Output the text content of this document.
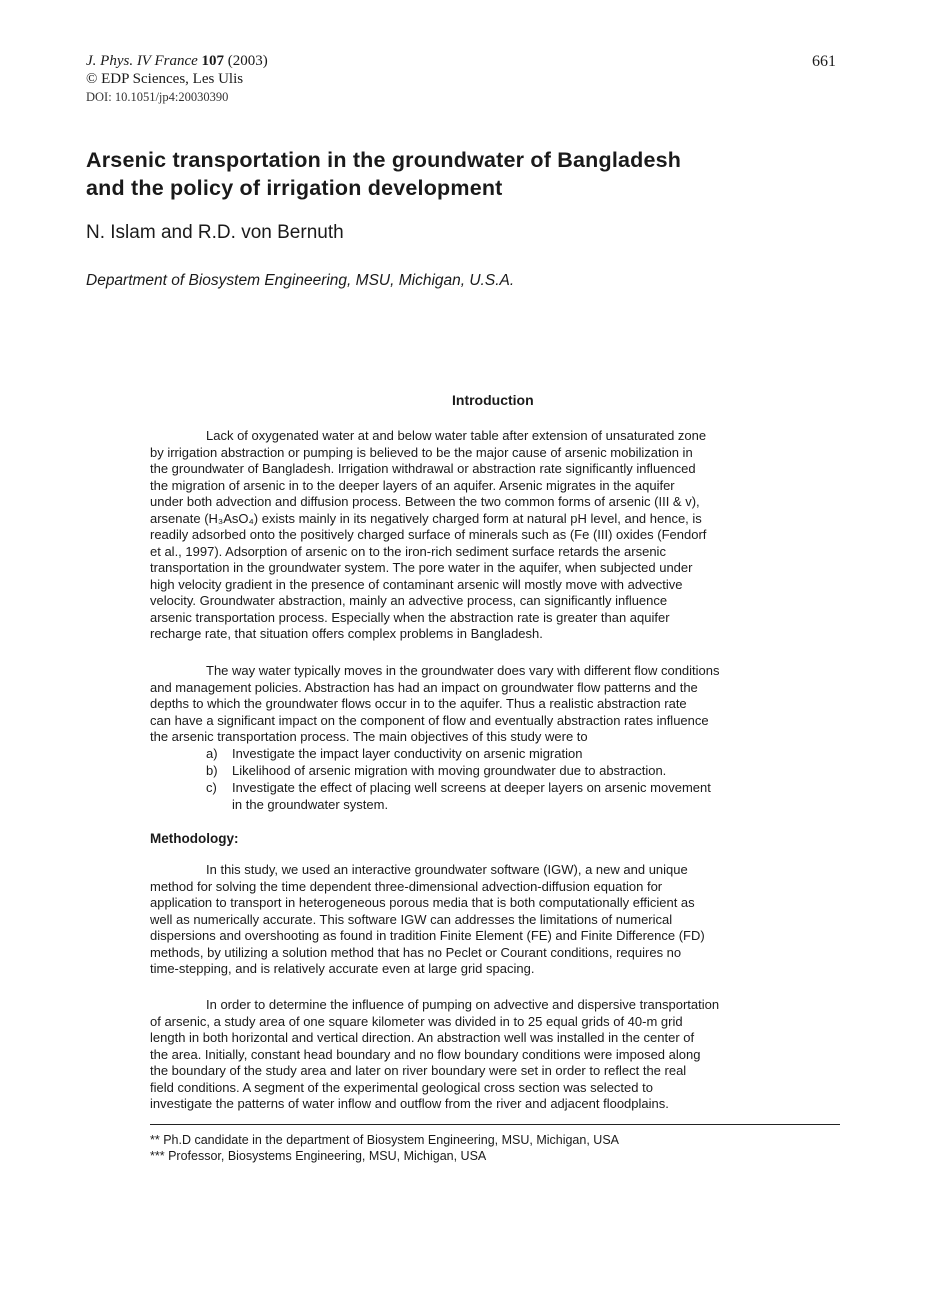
J. Phys. IV France 107 (2003)
© EDP Sciences, Les Ulis
DOI: 10.1051/jp4:20030390
661
Arsenic transportation in the groundwater of Bangladesh
and the policy of irrigation development
N. Islam and R.D. von Bernuth
Department of Biosystem Engineering, MSU, Michigan, U.S.A.
Introduction
Lack of oxygenated water at and below water table after extension of unsaturated zone
by irrigation abstraction or pumping is believed to be the major cause of arsenic mobilization in
the groundwater of Bangladesh. Irrigation withdrawal or abstraction rate significantly influenced
the migration of arsenic in to the deeper layers of an aquifer. Arsenic migrates in the aquifer
under both advection and diffusion process. Between the two common forms of arsenic (III & v),
arsenate (H₃AsO₄) exists mainly in its negatively charged form at natural pH level, and hence, is
readily adsorbed onto the positively charged surface of minerals such as (Fe (III) oxides (Fendorf
et al., 1997). Adsorption of arsenic on to the iron-rich sediment surface retards the arsenic
transportation in the groundwater system. The pore water in the aquifer, when subjected under
high velocity gradient in the presence of contaminant arsenic will mostly move with advective
velocity. Groundwater abstraction, mainly an advective process, can significantly influence
arsenic transportation process. Especially when the abstraction rate is greater than aquifer
recharge rate, that situation offers complex problems in Bangladesh.
The way water typically moves in the groundwater does vary with different flow conditions
and management policies. Abstraction has had an impact on groundwater flow patterns and the
depths to which the groundwater flows occur in to the aquifer. Thus a realistic abstraction rate
can have a significant impact on the component of flow and eventually abstraction rates influence
the arsenic transportation process. The main objectives of this study were to
a) Investigate the impact layer conductivity on arsenic migration
b) Likelihood of arsenic migration with moving groundwater due to abstraction.
c) Investigate the effect of placing well screens at deeper layers on arsenic movement
in the groundwater system.
Methodology:
In this study, we used an interactive groundwater software (IGW), a new and unique
method for solving the time dependent three-dimensional advection-diffusion equation for
application to transport in heterogeneous porous media that is both computationally efficient as
well as numerically accurate. This software IGW can addresses the limitations of numerical
dispersions and overshooting as found in tradition Finite Element (FE) and Finite Difference (FD)
methods, by utilizing a solution method that has no Peclet or Courant conditions, requires no
time-stepping, and is relatively accurate even at large grid spacing.
In order to determine the influence of pumping on advective and dispersive transportation
of arsenic, a study area of one square kilometer was divided in to 25 equal grids of 40-m grid
length in both horizontal and vertical direction. An abstraction well was installed in the center of
the area. Initially, constant head boundary and no flow boundary conditions were imposed along
the boundary of the study area and later on river boundary were set in order to reflect the real
field conditions. A segment of the experimental geological cross section was selected to
investigate the patterns of water inflow and outflow from the river and adjacent floodplains.
** Ph.D candidate in the department of Biosystem Engineering, MSU, Michigan, USA
*** Professor, Biosystems Engineering, MSU, Michigan, USA
